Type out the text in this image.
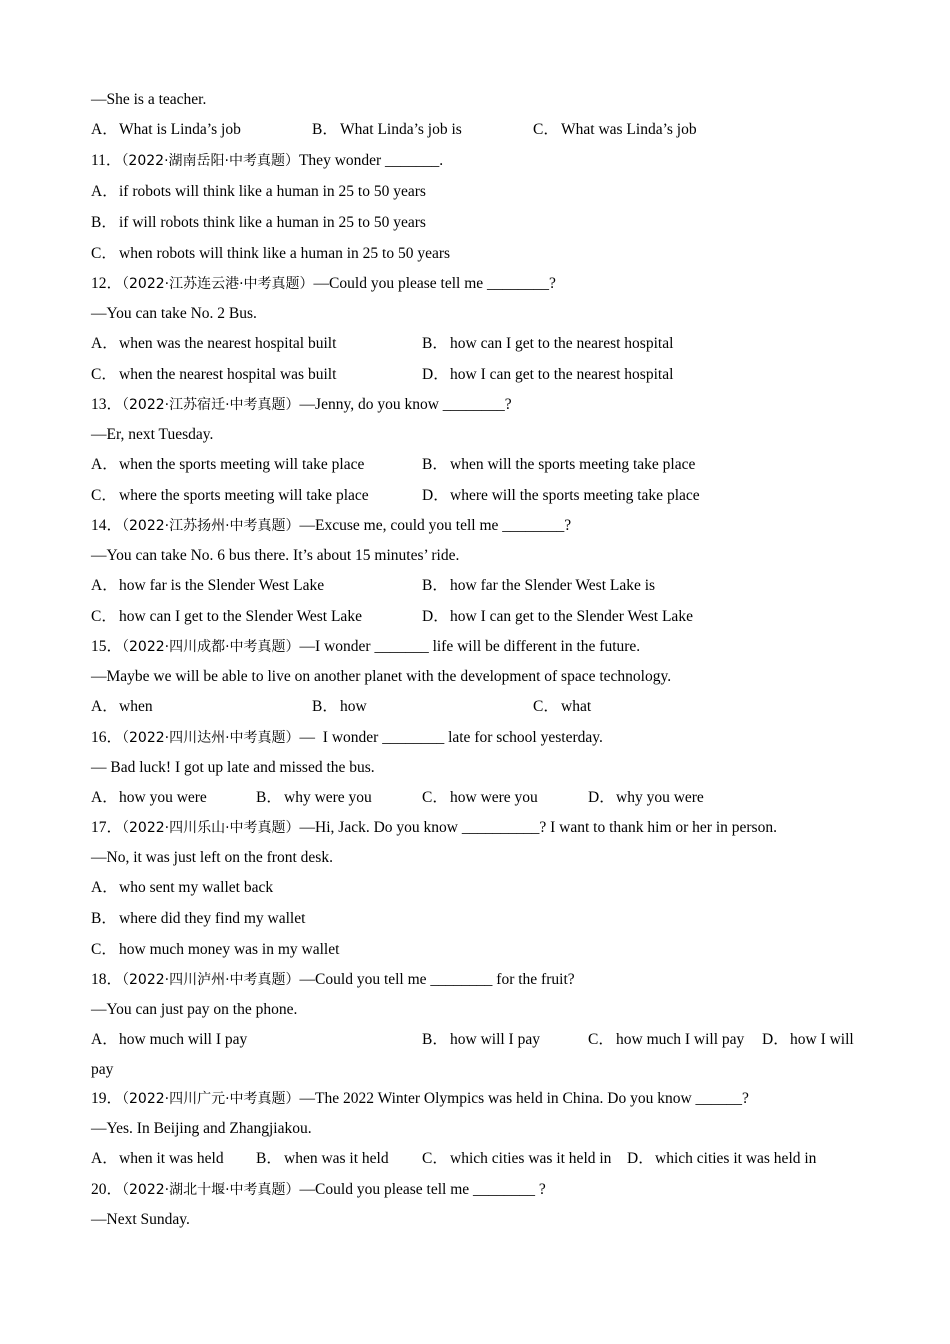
—She is a teacher.
A．What is Linda’s job	B． What Linda’s job is	C． What was Linda’s job
11．（2022·湖南岳阳·中考真题）They wonder _______.
A．if robots will think like a human in 25 to 50 years
B． if will robots think like a human in 25 to 50 years
C． when robots will think like a human in 25 to 50 years
12．（2022·江苏连云港·中考真题）—Could you please tell me ________?
—You can take No. 2 Bus.
A．when was the nearest hospital built	B． how can I get to the nearest hospital
C． when the nearest hospital was built	D．how I can get to the nearest hospital
13．（2022·江苏宿迁·中考真题）—Jenny, do you know ________?
—Er, next Tuesday.
A．when the sports meeting will take place	B． when will the sports meeting take place
C． where the sports meeting will take place	D．where will the sports meeting take place
14．（2022·江苏扬州·中考真题）—Excuse me, could you tell me ________?
—You can take No. 6 bus there. It’s about 15 minutes’ ride.
A．how far is the Slender West Lake	B． how far the Slender West Lake is
C． how can I get to the Slender West Lake	D．how I can get to the Slender West Lake
15．（2022·四川成都·中考真题）—I wonder _______ life will be different in the future.
—Maybe we will be able to live on another planet with the development of space technology.
A．when	B． how	C． what
16．（2022·四川达州·中考真题）—  I wonder ________ late for school yesterday.
— Bad luck! I got up late and missed the bus.
A．how you were	B． why were you	C． how were you	D．why you were
17．（2022·四川乐山·中考真题）—Hi, Jack. Do you know __________? I want to thank him or her in person.
—No, it was just left on the front desk.
A．who sent my wallet back
B． where did they find my wallet
C． how much money was in my wallet
18．（2022·四川泸州·中考真题）—Could you tell me ________ for the fruit?
—You can just pay on the phone.
A．how much will I pay	B． how will I pay	C． how much I will pay D．how I will
pay
19．（2022·四川广元·中考真题）—The 2022 Winter Olympics was held in China. Do you know ______?
—Yes. In Beijing and Zhangjiakou.
A．when it was held B． when was it held C． which cities was it held in D．which cities it was held in
20．（2022·湖北十堰·中考真题）—Could you please tell me ________ ?
—Next Sunday.
